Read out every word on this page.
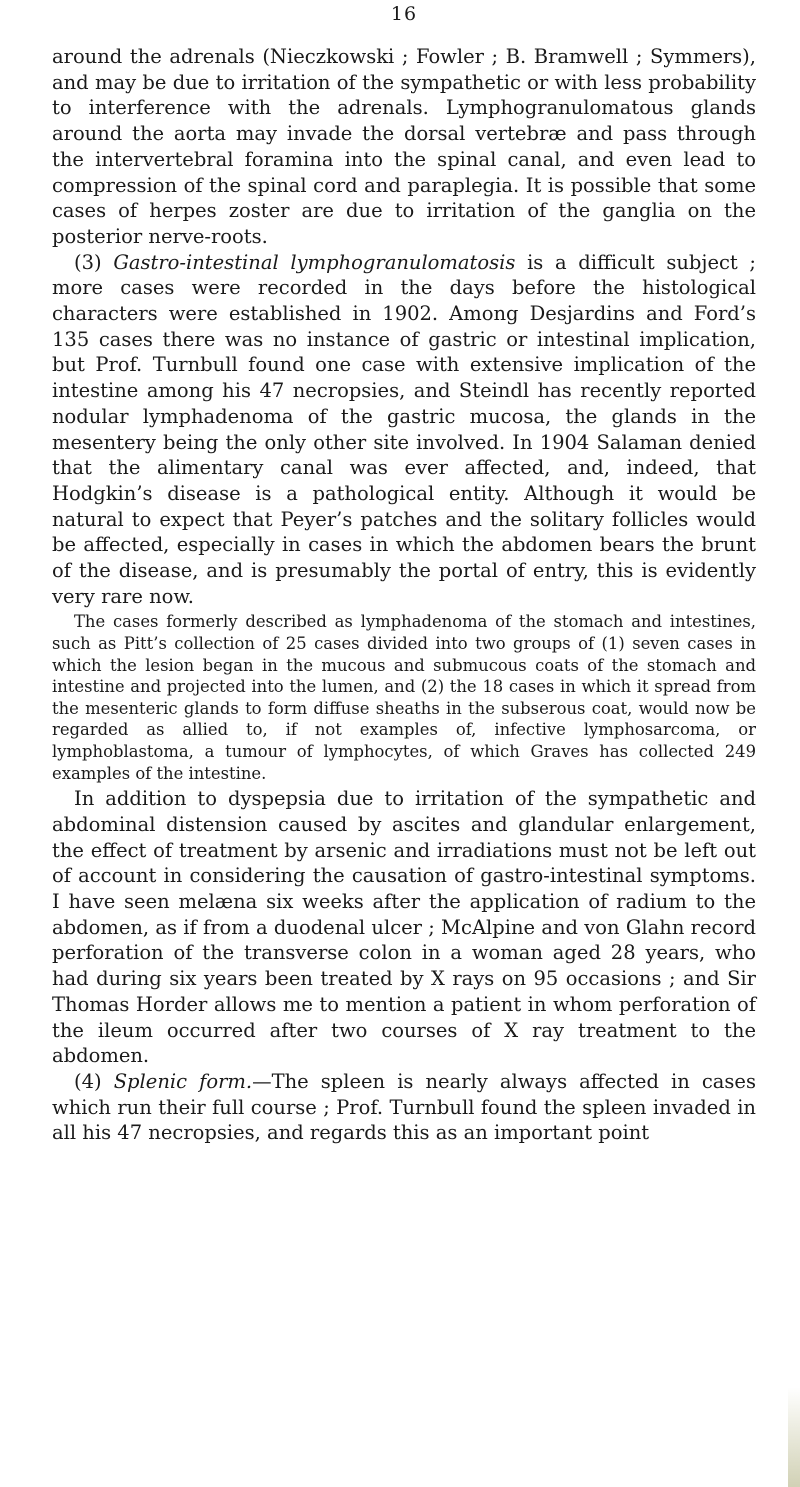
16

around the adrenals (Nieczkowski ; Fowler ; B. Bramwell ; Symmers), and may be due to irritation of the sympathetic or with less probability to interference with the adrenals. Lymphogranulomatous glands around the aorta may invade the dorsal vertebræ and pass through the intervertebral foramina into the spinal canal, and even lead to compression of the spinal cord and paraplegia. It is possible that some cases of herpes zoster are due to irritation of the ganglia on the posterior nerve-roots.

(3) Gastro-intestinal lymphogranulomatosis is a difficult subject ; more cases were recorded in the days before the histological characters were established in 1902. Among Desjardins and Ford’s 135 cases there was no instance of gastric or intestinal implication, but Prof. Turnbull found one case with extensive implication of the intestine among his 47 necropsies, and Steindl has recently reported nodular lymphadenoma of the gastric mucosa, the glands in the mesentery being the only other site involved. In 1904 Salaman denied that the alimentary canal was ever affected, and, indeed, that Hodgkin’s disease is a pathological entity. Although it would be natural to expect that Peyer’s patches and the solitary follicles would be affected, especially in cases in which the abdomen bears the brunt of the disease, and is presumably the portal of entry, this is evidently very rare now.

The cases formerly described as lymphadenoma of the stomach and intestines, such as Pitt’s collection of 25 cases divided into two groups of (1) seven cases in which the lesion began in the mucous and submucous coats of the stomach and intestine and projected into the lumen, and (2) the 18 cases in which it spread from the mesenteric glands to form diffuse sheaths in the subserous coat, would now be regarded as allied to, if not examples of, infective lymphosarcoma, or lymphoblastoma, a tumour of lymphocytes, of which Graves has collected 249 examples of the intestine.

In addition to dyspepsia due to irritation of the sympathetic and abdominal distension caused by ascites and glandular enlargement, the effect of treatment by arsenic and irradiations must not be left out of account in considering the causation of gastro-intestinal symptoms. I have seen melæna six weeks after the application of radium to the abdomen, as if from a duodenal ulcer ; McAlpine and von Glahn record perforation of the transverse colon in a woman aged 28 years, who had during six years been treated by X rays on 95 occasions ; and Sir Thomas Horder allows me to mention a patient in whom perforation of the ileum occurred after two courses of X ray treatment to the abdomen.

(4) Splenic form.—The spleen is nearly always affected in cases which run their full course ; Prof. Turnbull found the spleen invaded in all his 47 necropsies, and regards this as an important point
